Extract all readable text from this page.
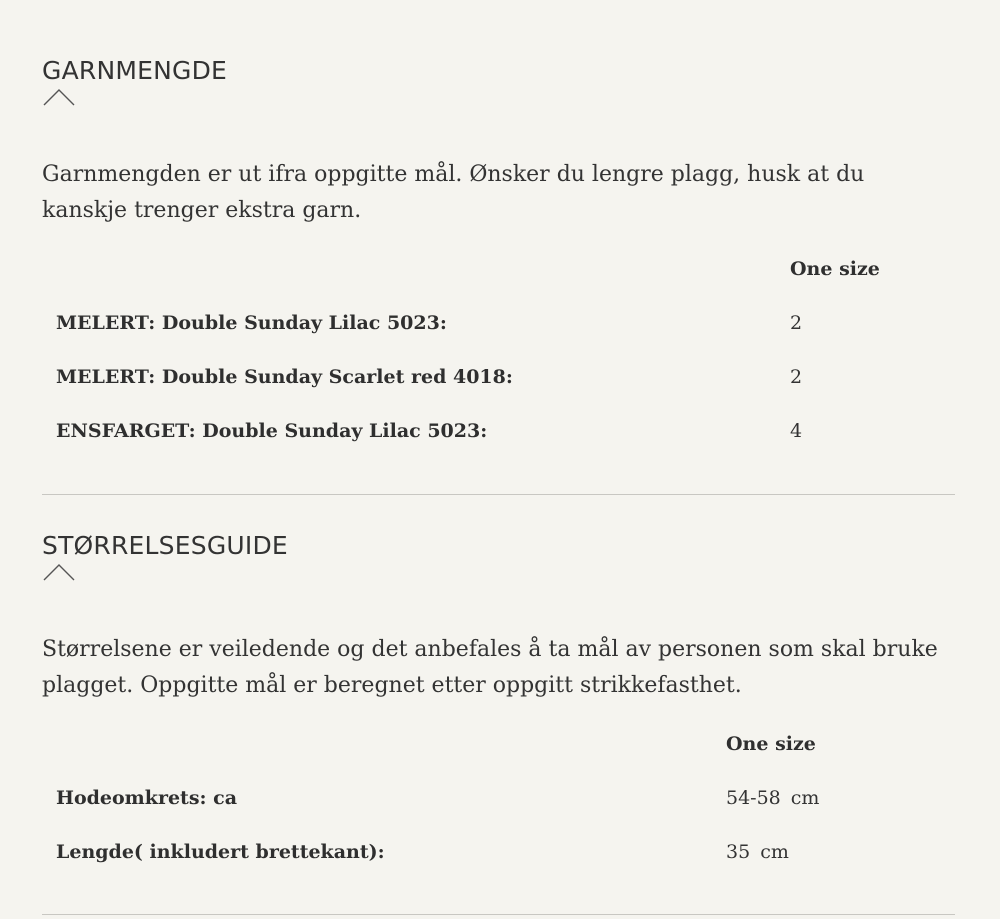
GARNMENGDE

Garnmengden er ut ifra oppgitte mål. Ønsker du lengre plagg, husk at du kanskje trenger ekstra garn.

One size
MELERT: Double Sunday Lilac 5023:	2
MELERT: Double Sunday Scarlet red 4018:	2
ENSFARGET: Double Sunday Lilac 5023:	4
STØRRELSESGUIDE

Størrelsene er veiledende og det anbefales å ta mål av personen som skal bruke plagget. Oppgitte mål er beregnet etter oppgitt strikkefasthet.

One size
Hodeomkrets: ca	54-58 cm
Lengde( inkludert brettekant):	35 cm
